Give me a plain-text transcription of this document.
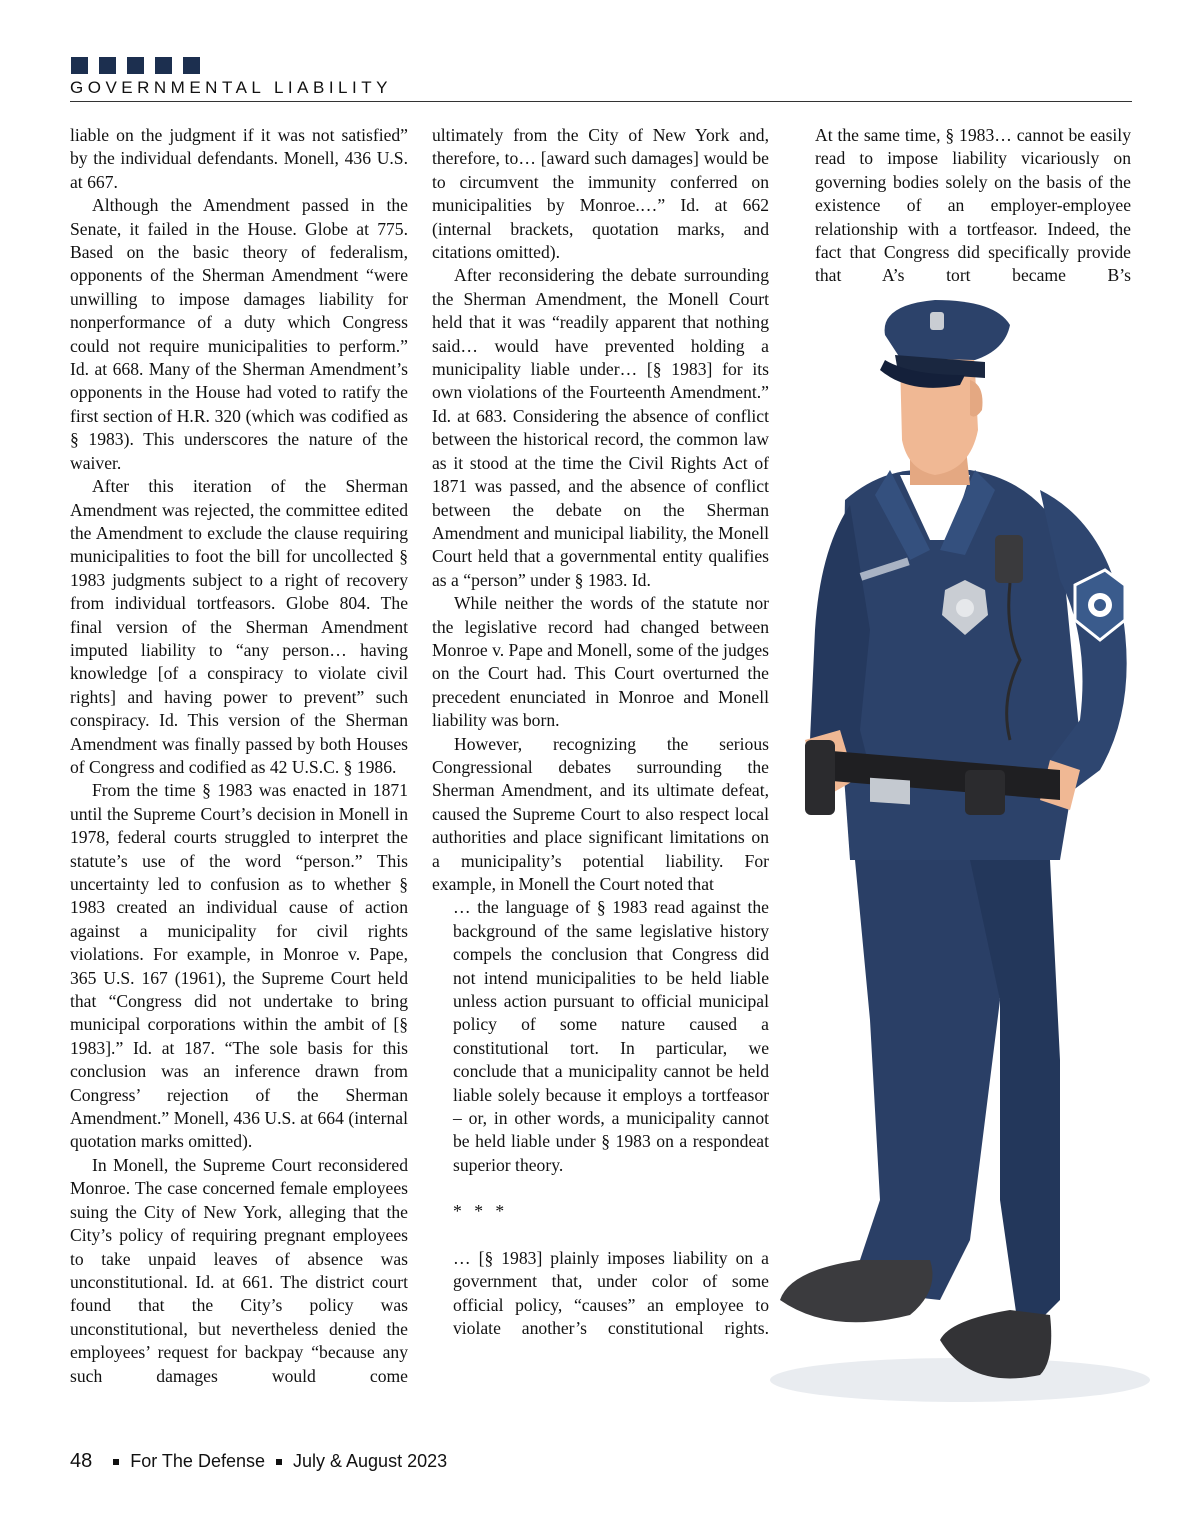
GOVERNMENTAL LIABILITY

liable on the judgment if it was not satisfied” by the individual defendants. Monell, 436 U.S. at 667.

Although the Amendment passed in the Senate, it failed in the House. Globe at 775. Based on the basic theory of federalism, opponents of the Sherman Amendment “were unwilling to impose damages liability for nonperformance of a duty which Congress could not require municipalities to perform.” Id. at 668. Many of the Sherman Amendment’s opponents in the House had voted to ratify the first section of H.R. 320 (which was codified as § 1983). This underscores the nature of the waiver.

After this iteration of the Sherman Amendment was rejected, the committee edited the Amendment to exclude the clause requiring municipalities to foot the bill for uncollected § 1983 judgments subject to a right of recovery from individual tortfeasors. Globe 804. The final version of the Sherman Amendment imputed liability to “any person… having knowledge [of a conspiracy to violate civil rights] and having power to prevent” such conspiracy. Id. This version of the Sherman Amendment was finally passed by both Houses of Congress and codified as 42 U.S.C. § 1986.

From the time § 1983 was enacted in 1871 until the Supreme Court’s decision in Monell in 1978, federal courts struggled to interpret the statute’s use of the word “person.” This uncertainty led to confusion as to whether § 1983 created an individual cause of action against a municipality for civil rights violations. For example, in Monroe v. Pape, 365 U.S. 167 (1961), the Supreme Court held that “Congress did not undertake to bring municipal corporations within the ambit of [§ 1983].” Id. at 187. “The sole basis for this conclusion was an inference drawn from Congress’ rejection of the Sherman Amendment.” Monell, 436 U.S. at 664 (internal quotation marks omitted).

In Monell, the Supreme Court reconsidered Monroe. The case concerned female employees suing the City of New York, alleging that the City’s policy of requiring pregnant employees to take unpaid leaves of absence was unconstitutional. Id. at 661. The district court found that the City’s policy was unconstitutional, but nevertheless denied the employees’ request for backpay “because any such damages would come

ultimately from the City of New York and, therefore, to… [award such damages] would be to circumvent the immunity conferred on municipalities by Monroe.…” Id. at 662 (internal brackets, quotation marks, and citations omitted).

After reconsidering the debate surrounding the Sherman Amendment, the Monell Court held that it was “readily apparent that nothing said… would have prevented holding a municipality liable under… [§ 1983] for its own violations of the Fourteenth Amendment.” Id. at 683. Considering the absence of conflict between the historical record, the common law as it stood at the time the Civil Rights Act of 1871 was passed, and the absence of conflict between the debate on the Sherman Amendment and municipal liability, the Monell Court held that a governmental entity qualifies as a “person” under § 1983. Id.

While neither the words of the statute nor the legislative record had changed between Monroe v. Pape and Monell, some of the judges on the Court had. This Court overturned the precedent enunciated in Monroe and Monell liability was born.

However, recognizing the serious Congressional debates surrounding the Sherman Amendment, and its ultimate defeat, caused the Supreme Court to also respect local authorities and place significant limitations on a municipality’s potential liability. For example, in Monell the Court noted that

… the language of § 1983 read against the background of the same legislative history compels the conclusion that Congress did not intend municipalities to be held liable unless action pursuant to official municipal policy of some nature caused a constitutional tort. In particular, we conclude that a municipality cannot be held liable solely because it employs a tortfeasor – or, in other words, a municipality cannot be held liable under § 1983 on a respondeat superior theory.

* * *

… [§ 1983] plainly imposes liability on a government that, under color of some official policy, “causes” an employee to violate another’s constitutional rights.

At the same time, § 1983… cannot be easily read to impose liability vicariously on governing bodies solely on the basis of the existence of an employer-employee relationship with a tortfeasor. Indeed, the fact that Congress did specifically provide that A’s tort became B’s

48 For The Defense July & August 2023
